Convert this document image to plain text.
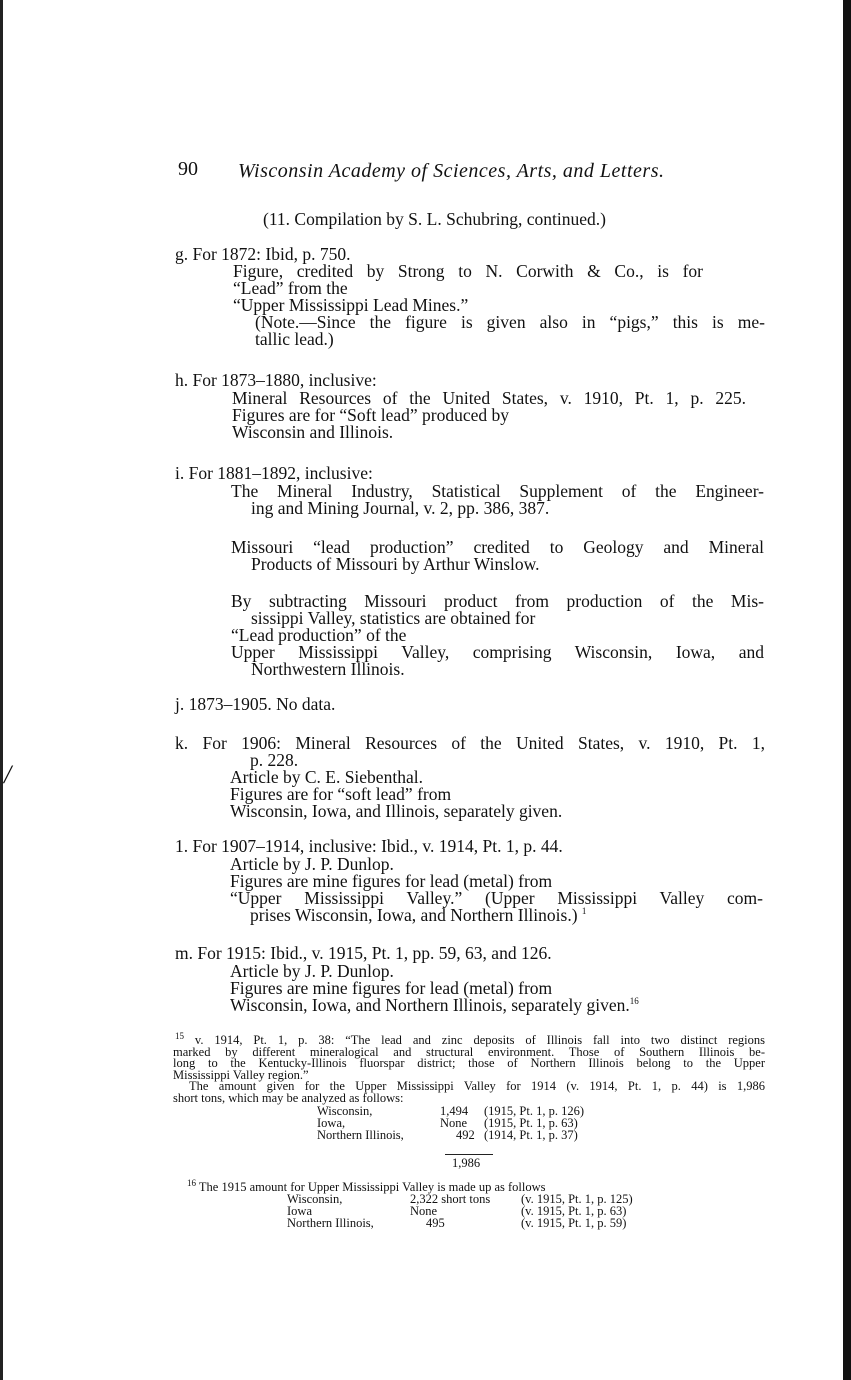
/
90 Wisconsin Academy of Sciences, Arts, and Letters.
(11. Compilation by S. L. Schubring, continued.)
g. For 1872: Ibid, p. 750.
Figure, credited by Strong to N. Corwith & Co., is for
“Lead” from the
“Upper Mississippi Lead Mines.”
(Note.—Since the figure is given also in “pigs,” this is me-
tallic lead.)
h. For 1873–1880, inclusive:
Mineral Resources of the United States, v. 1910, Pt. 1, p. 225.
Figures are for “Soft lead” produced by
Wisconsin and Illinois.
i. For 1881–1892, inclusive:
The Mineral Industry, Statistical Supplement of the Engineer-
ing and Mining Journal, v. 2, pp. 386, 387.
Missouri “lead production” credited to Geology and Mineral
Products of Missouri by Arthur Winslow.
By subtracting Missouri product from production of the Mis-
sissippi Valley, statistics are obtained for
“Lead production” of the
Upper Mississippi Valley, comprising Wisconsin, Iowa, and
Northwestern Illinois.
j. 1873–1905. No data.
k. For 1906: Mineral Resources of the United States, v. 1910, Pt. 1,
p. 228.
Article by C. E. Siebenthal.
Figures are for “soft lead” from
Wisconsin, Iowa, and Illinois, separately given.
1. For 1907–1914, inclusive: Ibid., v. 1914, Pt. 1, p. 44.
Article by J. P. Dunlop.
Figures are mine figures for lead (metal) from
“Upper Mississippi Valley.” (Upper Mississippi Valley com-
prises Wisconsin, Iowa, and Northern Illinois.) $^1$
m. For 1915: Ibid., v. 1915, Pt. 1, pp. 59, 63, and 126.
Article by J. P. Dunlop.
Figures are mine figures for lead (metal) from
Wisconsin, Iowa, and Northern Illinois, separately given.$^{16}$
$^{15}$ v. 1914, Pt. 1, p. 38: “The lead and zinc deposits of Illinois fall into two distinct regions
marked by different mineralogical and structural environment. Those of Southern Illinois be-
long to the Kentucky-Illinois fluorspar district; those of Northern Illinois belong to the Upper
Mississippi Valley region.”
The amount given for the Upper Mississippi Valley for 1914 (v. 1914, Pt. 1, p. 44) is 1,986
short tons, which may be analyzed as follows:
Wisconsin,	1,494 (1915, Pt. 1, p. 126)
Iowa,	None (1915, Pt. 1, p. 63)
Northern Illinois,	492 (1914, Pt. 1, p. 37)
1,986
$^{16}$ The 1915 amount for Upper Mississippi Valley is made up as follows
Wisconsin,	2,322 short tons (v. 1915, Pt. 1, p. 125)
Iowa	None	(v. 1915, Pt. 1, p. 63)
Northern Illinois,	495	(v. 1915, Pt. 1, p. 59)
